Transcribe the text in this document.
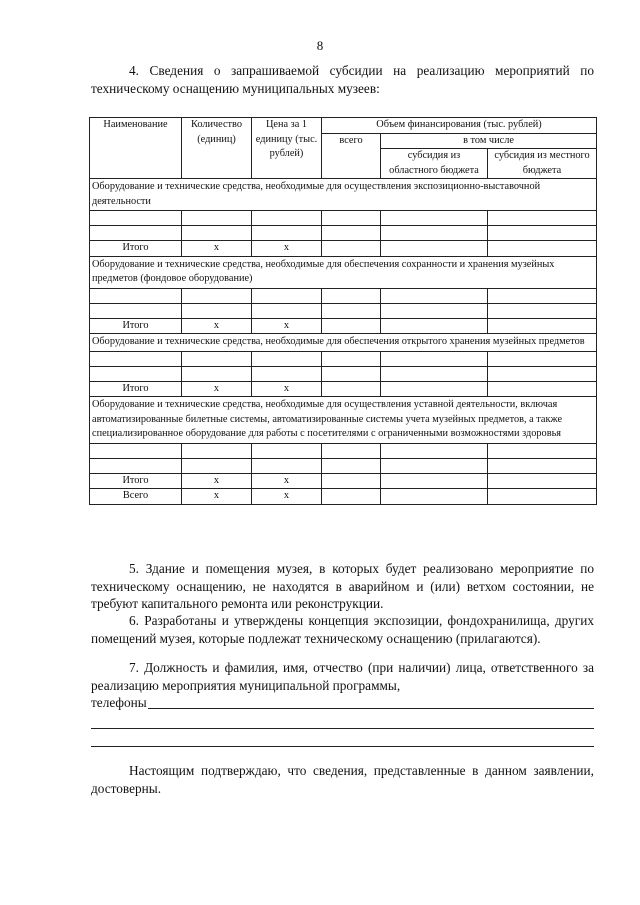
8
4. Сведения о запрашиваемой субсидии на реализацию мероприятий по техническому оснащению муниципальных музеев:
Наименование	Количество (единиц)	Цена за 1 единицу (тыс. рублей)	Объем финансирования (тыс. рублей)		
			всего	в том числе	
				субсидия из областного бюджета	субсидия из местного бюджета
Оборудование и технические средства, необходимые для осуществления экспозиционно-выставочной деятельности					

Итого	х	х			
Оборудование и технические средства, необходимые для обеспечения сохранности и хранения музейных предметов (фондовое оборудование)					

Итого	х	х			
Оборудование и технические средства, необходимые для обеспечения открытого хранения музейных предметов					

Итого	х	х			
Оборудование и технические средства, необходимые для осуществления уставной деятельности, включая автоматизированные билетные системы, автоматизированные системы учета музейных предметов, а также специализированное оборудование для работы с посетителями с ограниченными возможностями здоровья					

Итого	х	х			
Всего	х	х			
5. Здание и помещения музея, в которых будет реализовано мероприятие по техническому оснащению, не находятся в аварийном и (или) ветхом состоянии, не требуют капитального ремонта или реконструкции.
6. Разработаны и утверждены концепция экспозиции, фондохранилища, других помещений музея, которые подлежат техническому оснащению (прилагаются).
7. Должность и фамилия, имя, отчество (при наличии) лица, ответственного за реализацию мероприятия муниципальной программы,
телефоны
Настоящим подтверждаю, что сведения, представленные в данном заявлении, достоверны.
